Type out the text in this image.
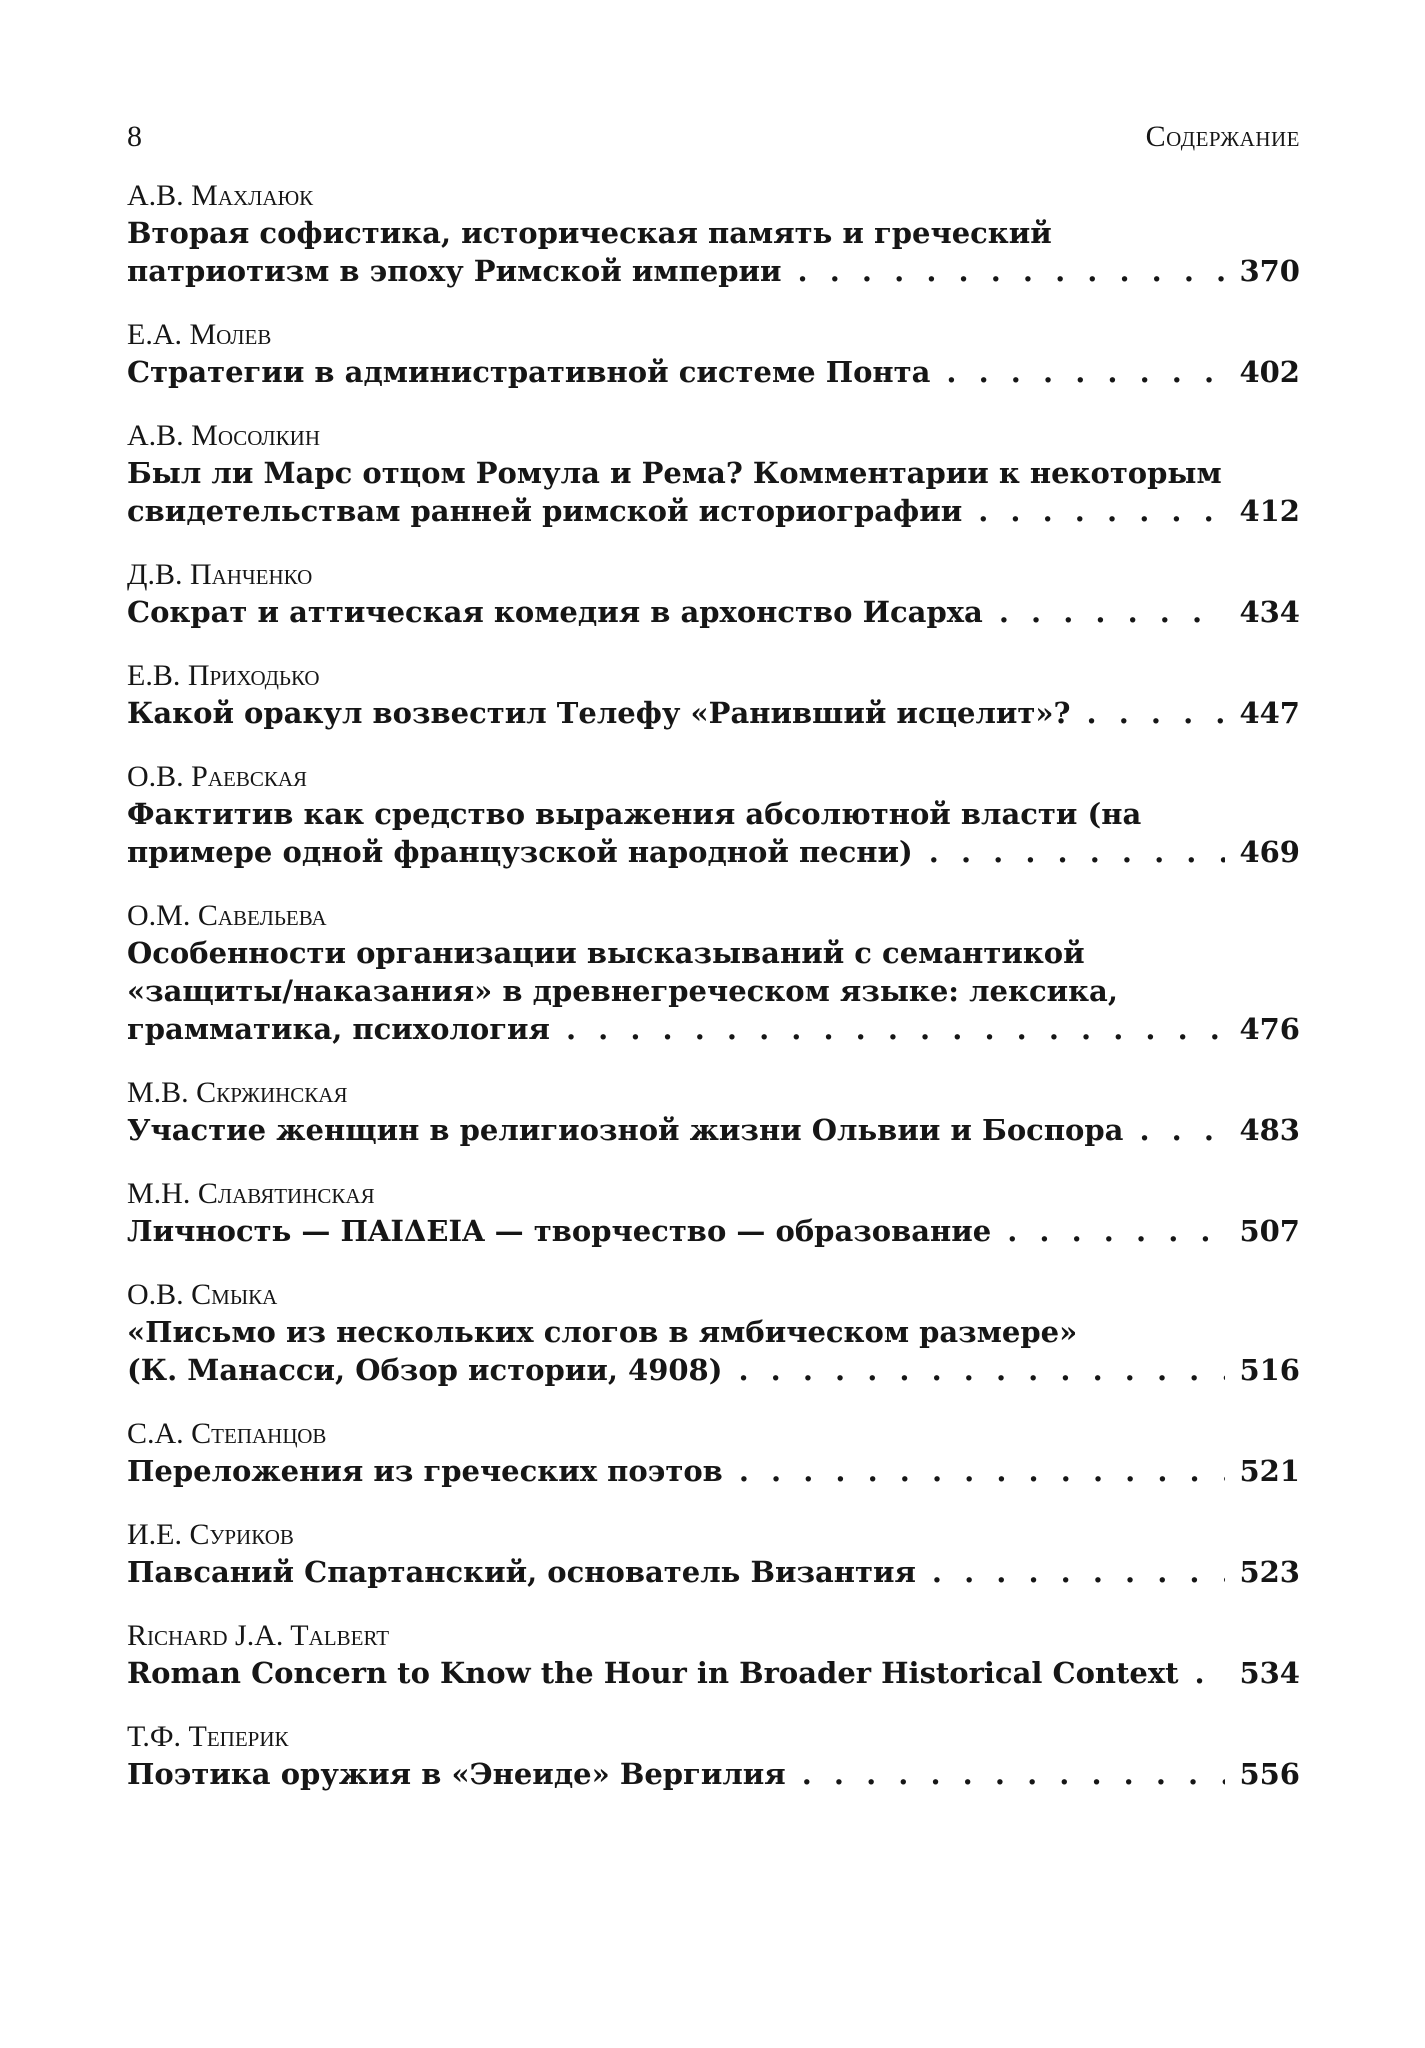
8	Содержание
А.В. Махлаюк
Вторая софистика, историческая память и греческий
патриотизм в эпоху Римской империи . . .	370
Е.А. Молев
Стратегии в административной системе Понта . . .	402
А.В. Мосолкин
Был ли Марс отцом Ромула и Рема? Комментарии к некоторым
свидетельствам ранней римской историографии . . .	412
Д.В. Панченко
Сократ и аттическая комедия в архонство Исарха . . .	434
Е.В. Приходько
Какой оракул возвестил Телефу «Ранивший исцелит»? . . .	447
О.В. Раевская
Фактитив как средство выражения абсолютной власти (на
примере одной французской народной песни) . . .	469
О.М. Савельева
Особенности организации высказываний с семантикой
«защиты/наказания» в древнегреческом языке: лексика,
грамматика, психология . . .	476
М.В. Скржинская
Участие женщин в религиозной жизни Ольвии и Боспора . . .	483
М.Н. Славятинская
Личность — ΠΑΙΔΕΙΑ — творчество — образование . . .	507
О.В. Смыка
«Письмо из нескольких слогов в ямбическом размере»
(К. Манасси, Обзор истории, 4908) . . .	516
С.А. Степанцов
Переложения из греческих поэтов . . .	521
И.Е. Суриков
Павсаний Спартанский, основатель Византия . . .	523
Richard J.A. Talbert
Roman Concern to Know the Hour in Broader Historical Context . . . 534
Т.Ф. Теперик
Поэтика оружия в «Энеиде» Вергилия . . .	556
